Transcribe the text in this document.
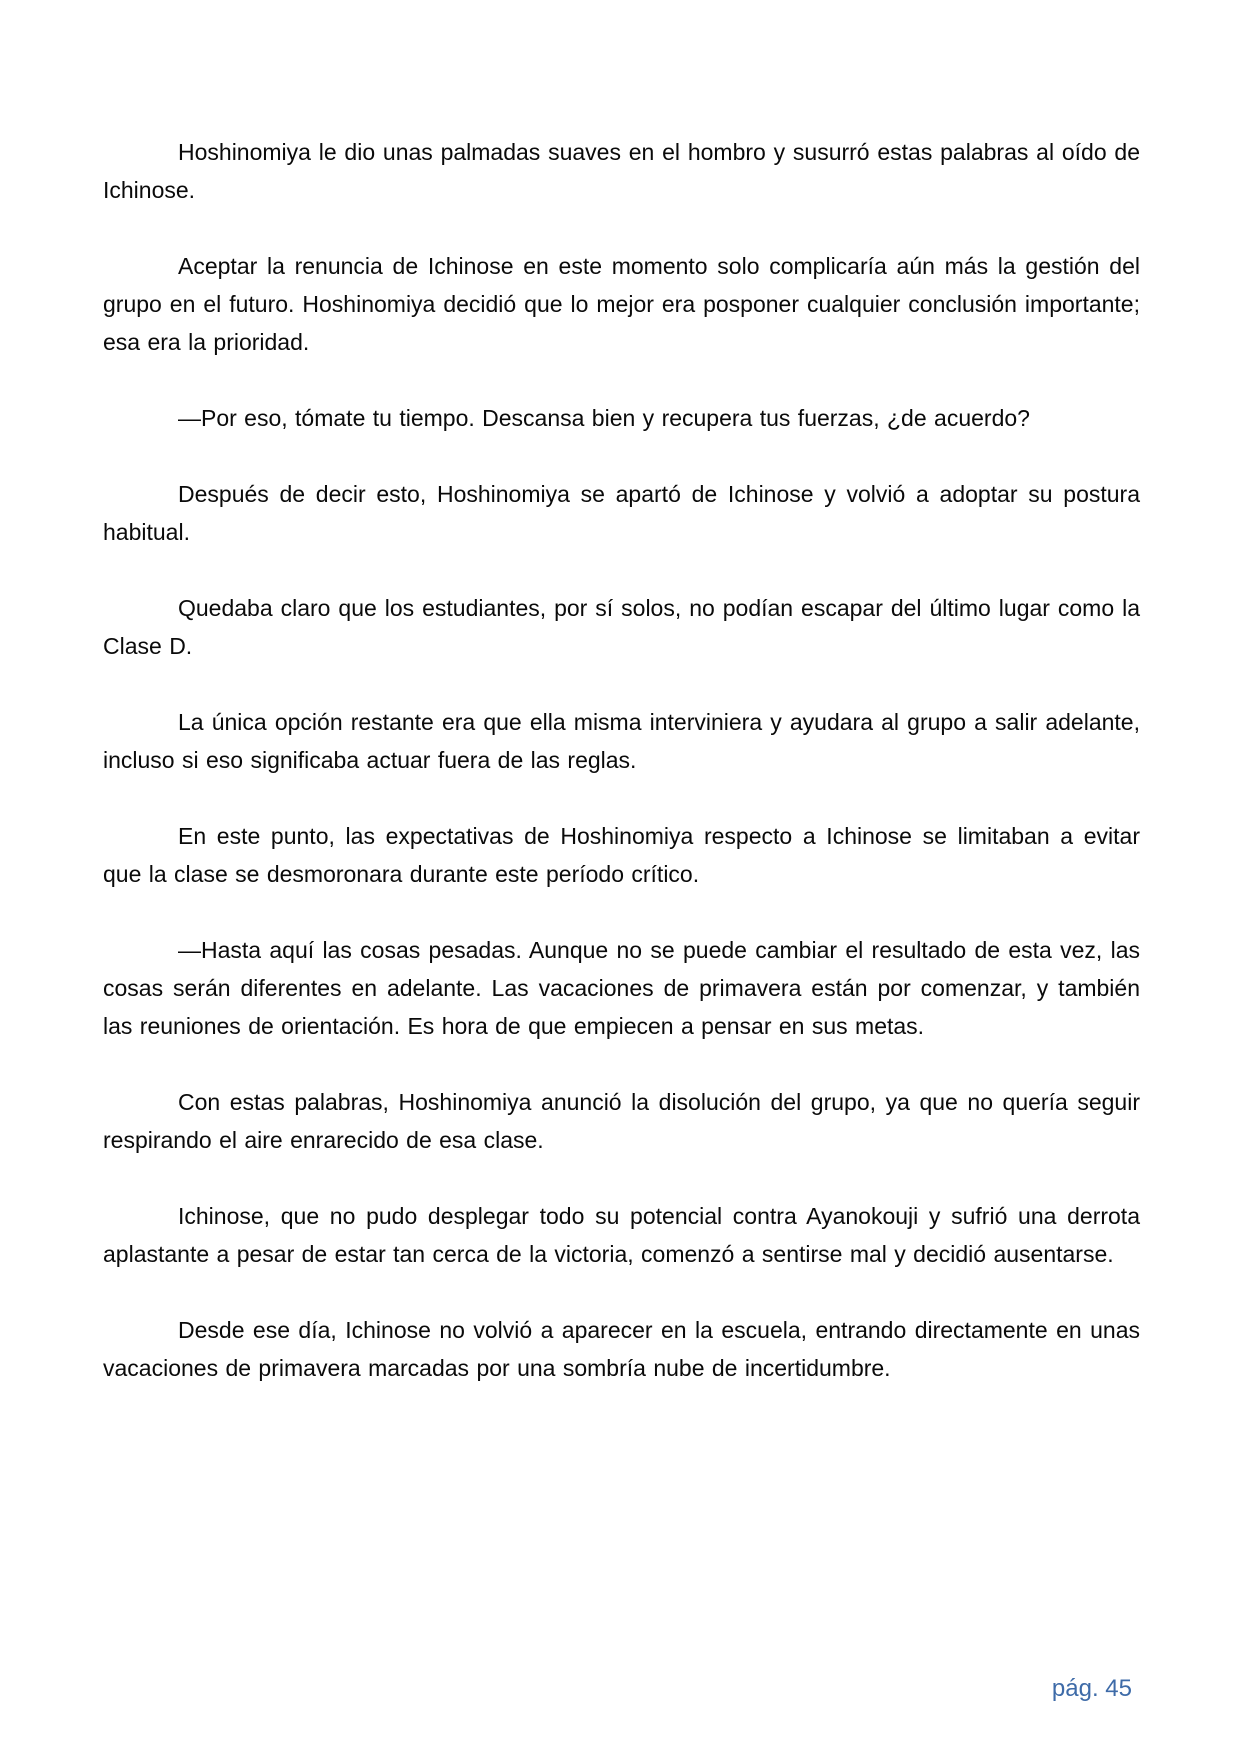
Hoshinomiya le dio unas palmadas suaves en el hombro y susurró estas palabras al oído de Ichinose.

Aceptar la renuncia de Ichinose en este momento solo complicaría aún más la gestión del grupo en el futuro. Hoshinomiya decidió que lo mejor era posponer cualquier conclusión importante; esa era la prioridad.

—Por eso, tómate tu tiempo. Descansa bien y recupera tus fuerzas, ¿de acuerdo?

Después de decir esto, Hoshinomiya se apartó de Ichinose y volvió a adoptar su postura habitual.

Quedaba claro que los estudiantes, por sí solos, no podían escapar del último lugar como la Clase D.

La única opción restante era que ella misma interviniera y ayudara al grupo a salir adelante, incluso si eso significaba actuar fuera de las reglas.

En este punto, las expectativas de Hoshinomiya respecto a Ichinose se limitaban a evitar que la clase se desmoronara durante este período crítico.

—Hasta aquí las cosas pesadas. Aunque no se puede cambiar el resultado de esta vez, las cosas serán diferentes en adelante. Las vacaciones de primavera están por comenzar, y también las reuniones de orientación. Es hora de que empiecen a pensar en sus metas.

Con estas palabras, Hoshinomiya anunció la disolución del grupo, ya que no quería seguir respirando el aire enrarecido de esa clase.

Ichinose, que no pudo desplegar todo su potencial contra Ayanokouji y sufrió una derrota aplastante a pesar de estar tan cerca de la victoria, comenzó a sentirse mal y decidió ausentarse.

Desde ese día, Ichinose no volvió a aparecer en la escuela, entrando directamente en unas vacaciones de primavera marcadas por una sombría nube de incertidumbre.

pág. 45
